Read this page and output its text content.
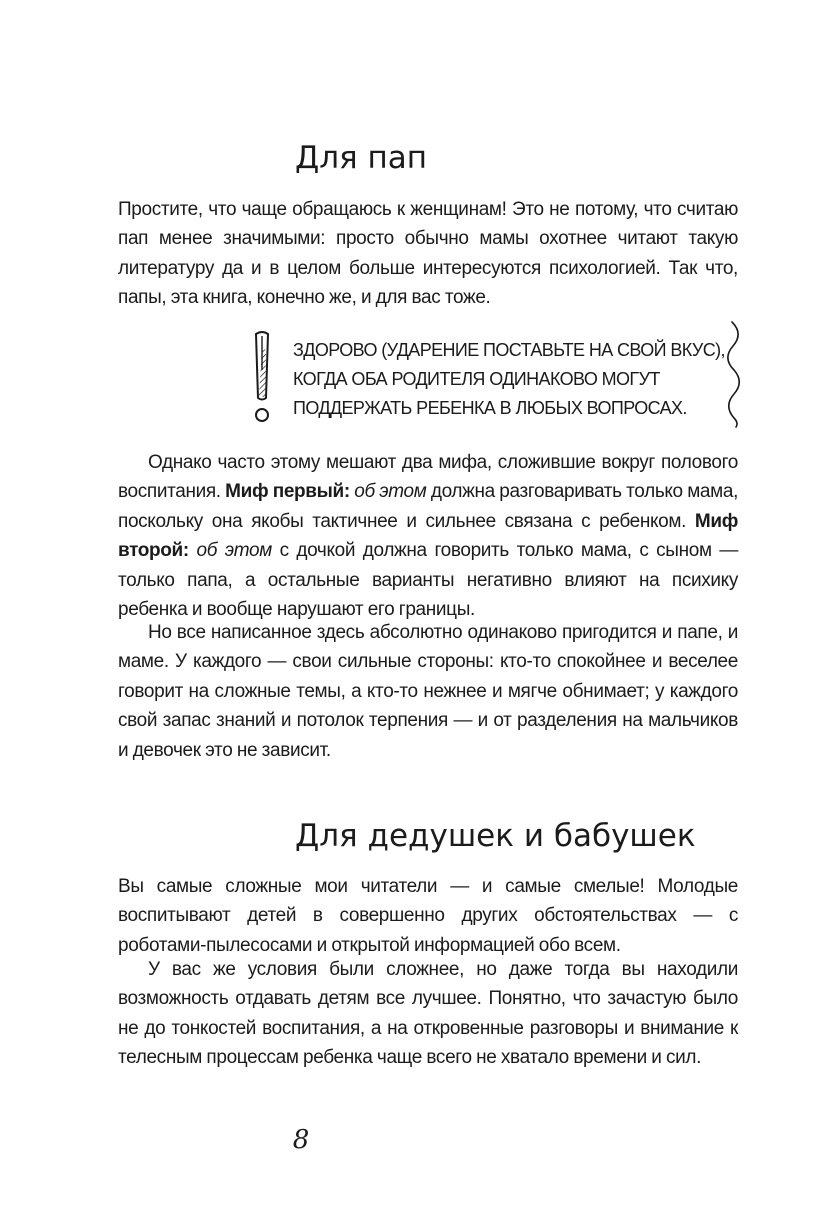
Для пап

Простите, что чаще обращаюсь к женщинам! Это не потому, что считаю пап менее значимыми: просто обычно мамы охотнее читают такую литературу да и в целом больше интересуются психологией. Так что, папы, эта книга, конечно же, и для вас тоже.

ЗДОРОВО (УДАРЕНИЕ ПОСТАВЬТЕ НА СВОЙ ВКУС),
КОГДА ОБА РОДИТЕЛЯ ОДИНАКОВО МОГУТ
ПОДДЕРЖАТЬ РЕБЕНКА В ЛЮБЫХ ВОПРОСАХ.

Однако часто этому мешают два мифа, сложившие вокруг полового воспитания. Миф первый: об этом должна разговаривать только мама, поскольку она якобы тактичнее и сильнее связана с ребенком. Миф второй: об этом с дочкой должна говорить только мама, с сыном — только папа, а остальные варианты негативно влияют на психику ребенка и вообще нарушают его границы.

Но все написанное здесь абсолютно одинаково пригодится и папе, и маме. У каждого — свои сильные стороны: кто-то спокойнее и веселее говорит на сложные темы, а кто-то нежнее и мягче обнимает; у каждого свой запас знаний и потолок терпения — и от разделения на мальчиков и девочек это не зависит.

Для дедушек и бабушек

Вы самые сложные мои читатели — и самые смелые! Молодые воспитывают детей в совершенно других обстоятельствах — с роботами-пылесосами и открытой информацией обо всем.

У вас же условия были сложнее, но даже тогда вы находили возможность отдавать детям все лучшее. Понятно, что зачастую было не до тонкостей воспитания, а на откровенные разговоры и внимание к телесным процессам ребенка чаще всего не хватало времени и сил.

8
